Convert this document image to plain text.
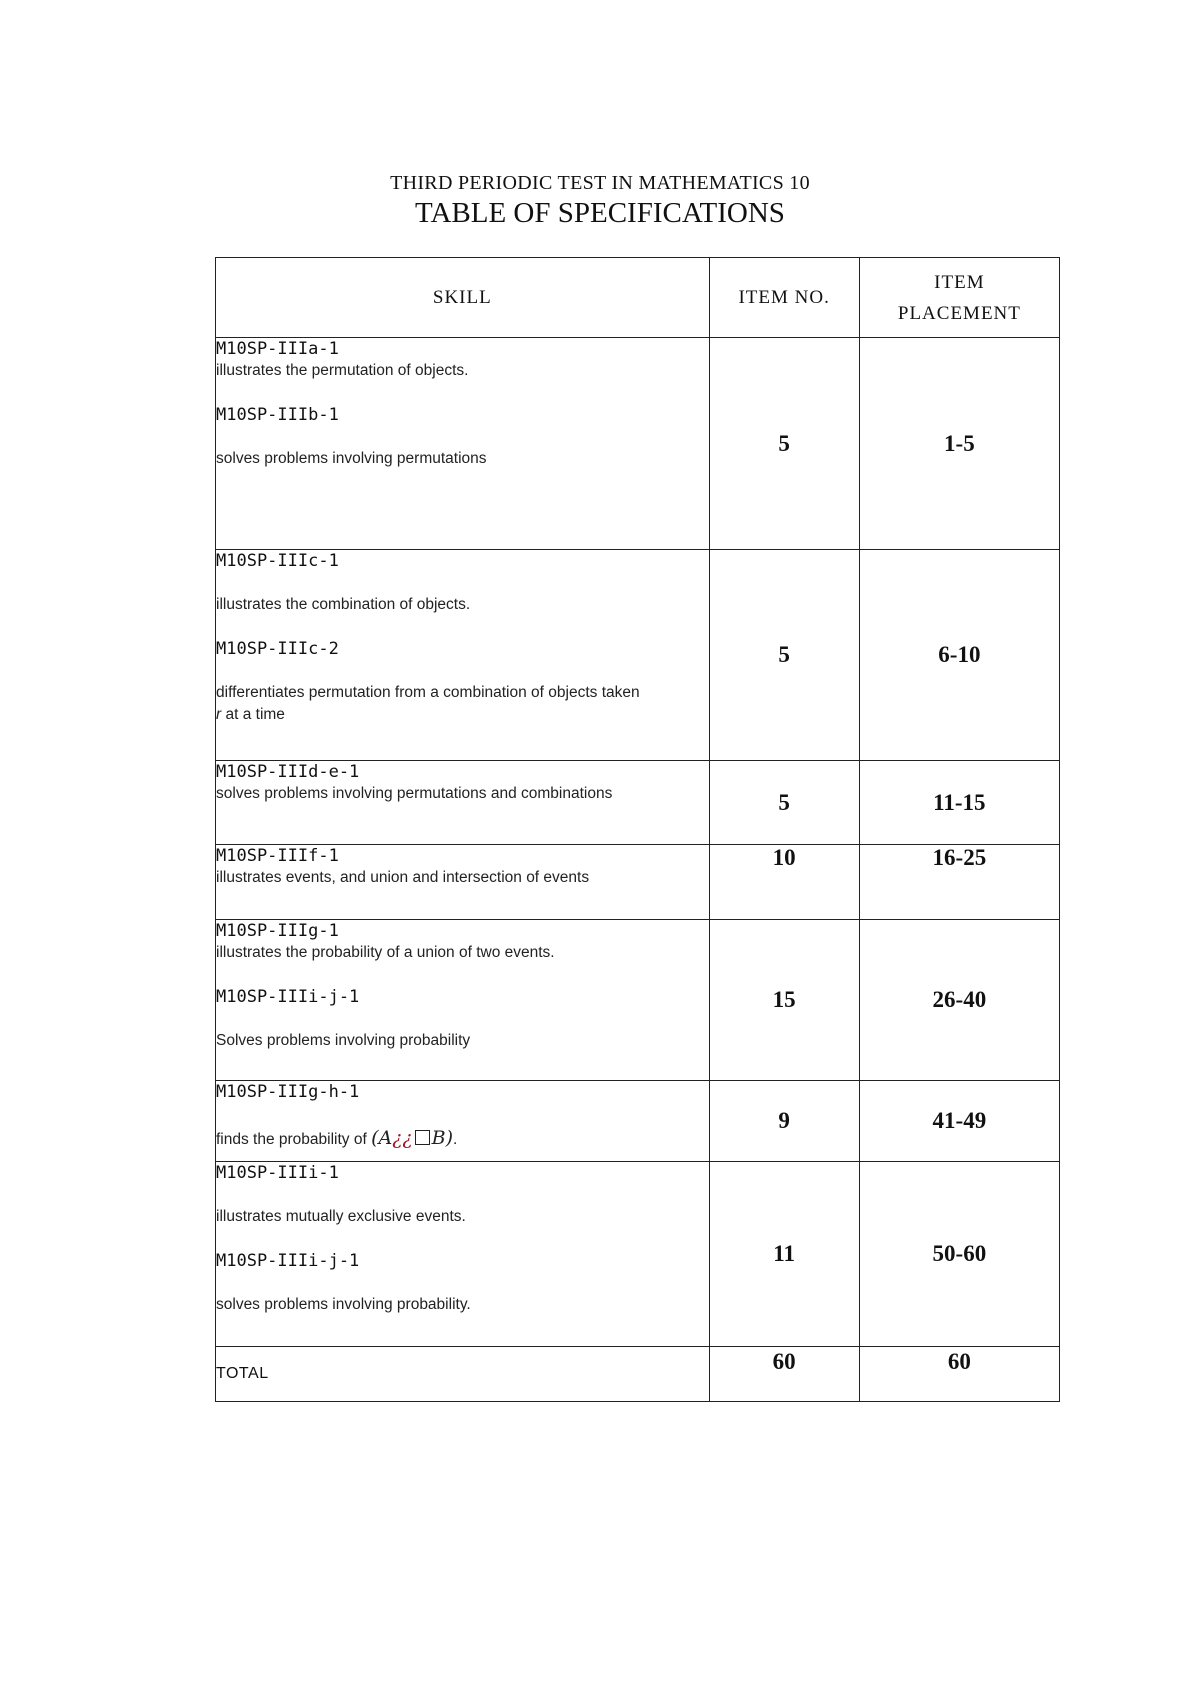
THIRD PERIODIC TEST IN MATHEMATICS 10
TABLE OF SPECIFICATIONS
SKILL	ITEM NO.	ITEM
PLACEMENT

M10SP-IIIa-1
illustrates the permutation of objects.
M10SP-IIIb-1
solves problems involving permutations	5	1-5

M10SP-IIIc-1
illustrates the combination of objects.
M10SP-IIIc-2
differentiates permutation from a combination of objects taken
r at a time	5	6-10

M10SP-IIId-e-1
solves problems involving permutations and combinations	5	11-15

M10SP-IIIf-1
illustrates events, and union and intersection of events	10	16-25

M10SP-IIIg-1
illustrates the probability of a union of two events.
M10SP-IIIi-j-1
Solves problems involving probability	15	26-40

M10SP-IIIg-h-1
finds the probability of (A¿¿ B).	9	41-49

M10SP-IIIi-1
illustrates mutually exclusive events.
M10SP-IIIi-j-1
solves problems involving probability.	11	50-60
TOTAL	60	60
